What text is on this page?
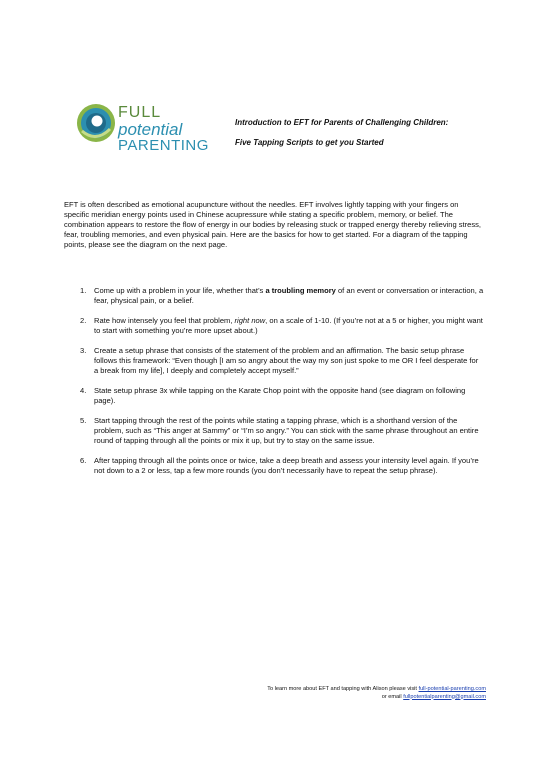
FULL
potential
PARENTING
Introduction to EFT for Parents of Challenging Children:
Five Tapping Scripts to get you Started

EFT is often described as emotional acupuncture without the needles. EFT involves lightly tapping with your fingers on specific meridian energy points used in Chinese acupressure while stating a specific problem, memory, or belief. The combination appears to restore the flow of energy in our bodies by releasing stuck or trapped energy thereby relieving stress, fear, troubling memories, and even physical pain. Here are the basics for how to get started. For a diagram of the tapping points, please see the diagram on the next page.

1. Come up with a problem in your life, whether that’s a troubling memory of an event or conversation or interaction, a fear, physical pain, or a belief.
2. Rate how intensely you feel that problem, right now, on a scale of 1-10. (If you’re not at a 5 or higher, you might want to start with something you’re more upset about.)
3. Create a setup phrase that consists of the statement of the problem and an affirmation. The basic setup phrase follows this framework: “Even though [I am so angry about the way my son just spoke to me OR I feel desperate for a break from my life], I deeply and completely accept myself.”
4. State setup phrase 3x while tapping on the Karate Chop point with the opposite hand (see diagram on following page).
5. Start tapping through the rest of the points while stating a tapping phrase, which is a shorthand version of the problem, such as “This anger at Sammy” or “I’m so angry.” You can stick with the same phrase throughout an entire round of tapping through all the points or mix it up, but try to stay on the same issue.
6. After tapping through all the points once or twice, take a deep breath and assess your intensity level again. If you’re not down to a 2 or less, tap a few more rounds (you don’t necessarily have to repeat the setup phrase).
To learn more about EFT and tapping with Alison please visit full-potential-parenting.com
or email fullpotentialparenting@gmail.com
